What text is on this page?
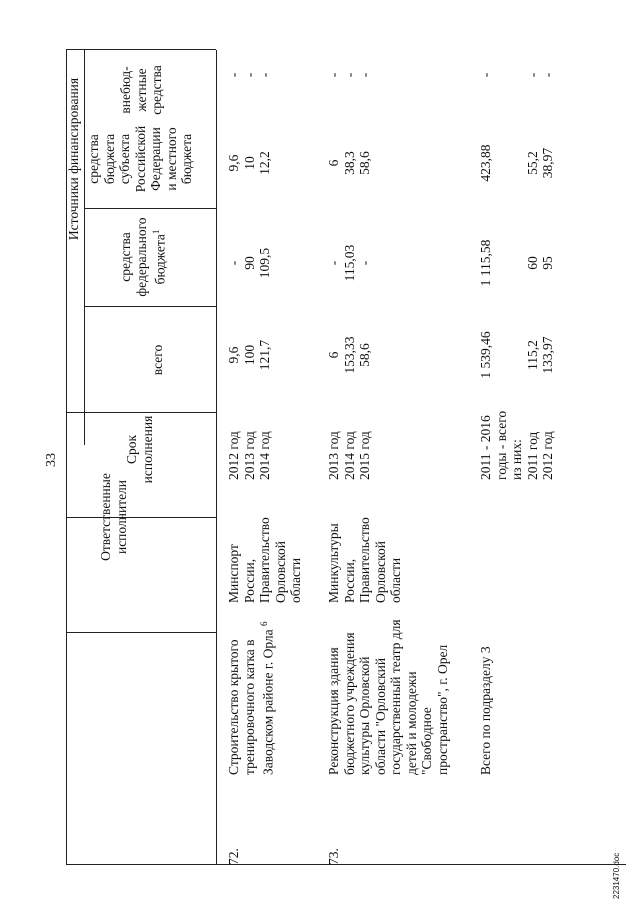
33
Ответственные исполнители
Срок исполнения
Источники финансирования
всего
средства федерального бюджета$^1$
средства бюджета субъекта Российской Федерации и местного бюджета
внебюд- жетные средства
72.
Строительство крытого тренировочного катка в Заводском районе г. Орла $^6$
Минспорт России, Правительство Орловской области
2012 год 2013 год 2014 год
9,6 100 121,7
- 90 109,5
9,6 10 12,2
- - -
73.
Реконструкция здания бюджетного учреждения культуры Орловской области "Орловский государственный театр для детей и молодежи "Свободное пространство", г. Орел
Минкультуры России, Правительство Орловской области
2013 год 2014 год 2015 год
6 153,33 58,6
- 115,03 -
6 38,3 58,6
- - -
Всего по подразделу 3
2011 - 2016 годы - всего из них: 2011 год 2012 год
1 539,46 115,2 133,97
1 115,58 60 95
423,88 55,2 38,97
- - -
2231470.doc
